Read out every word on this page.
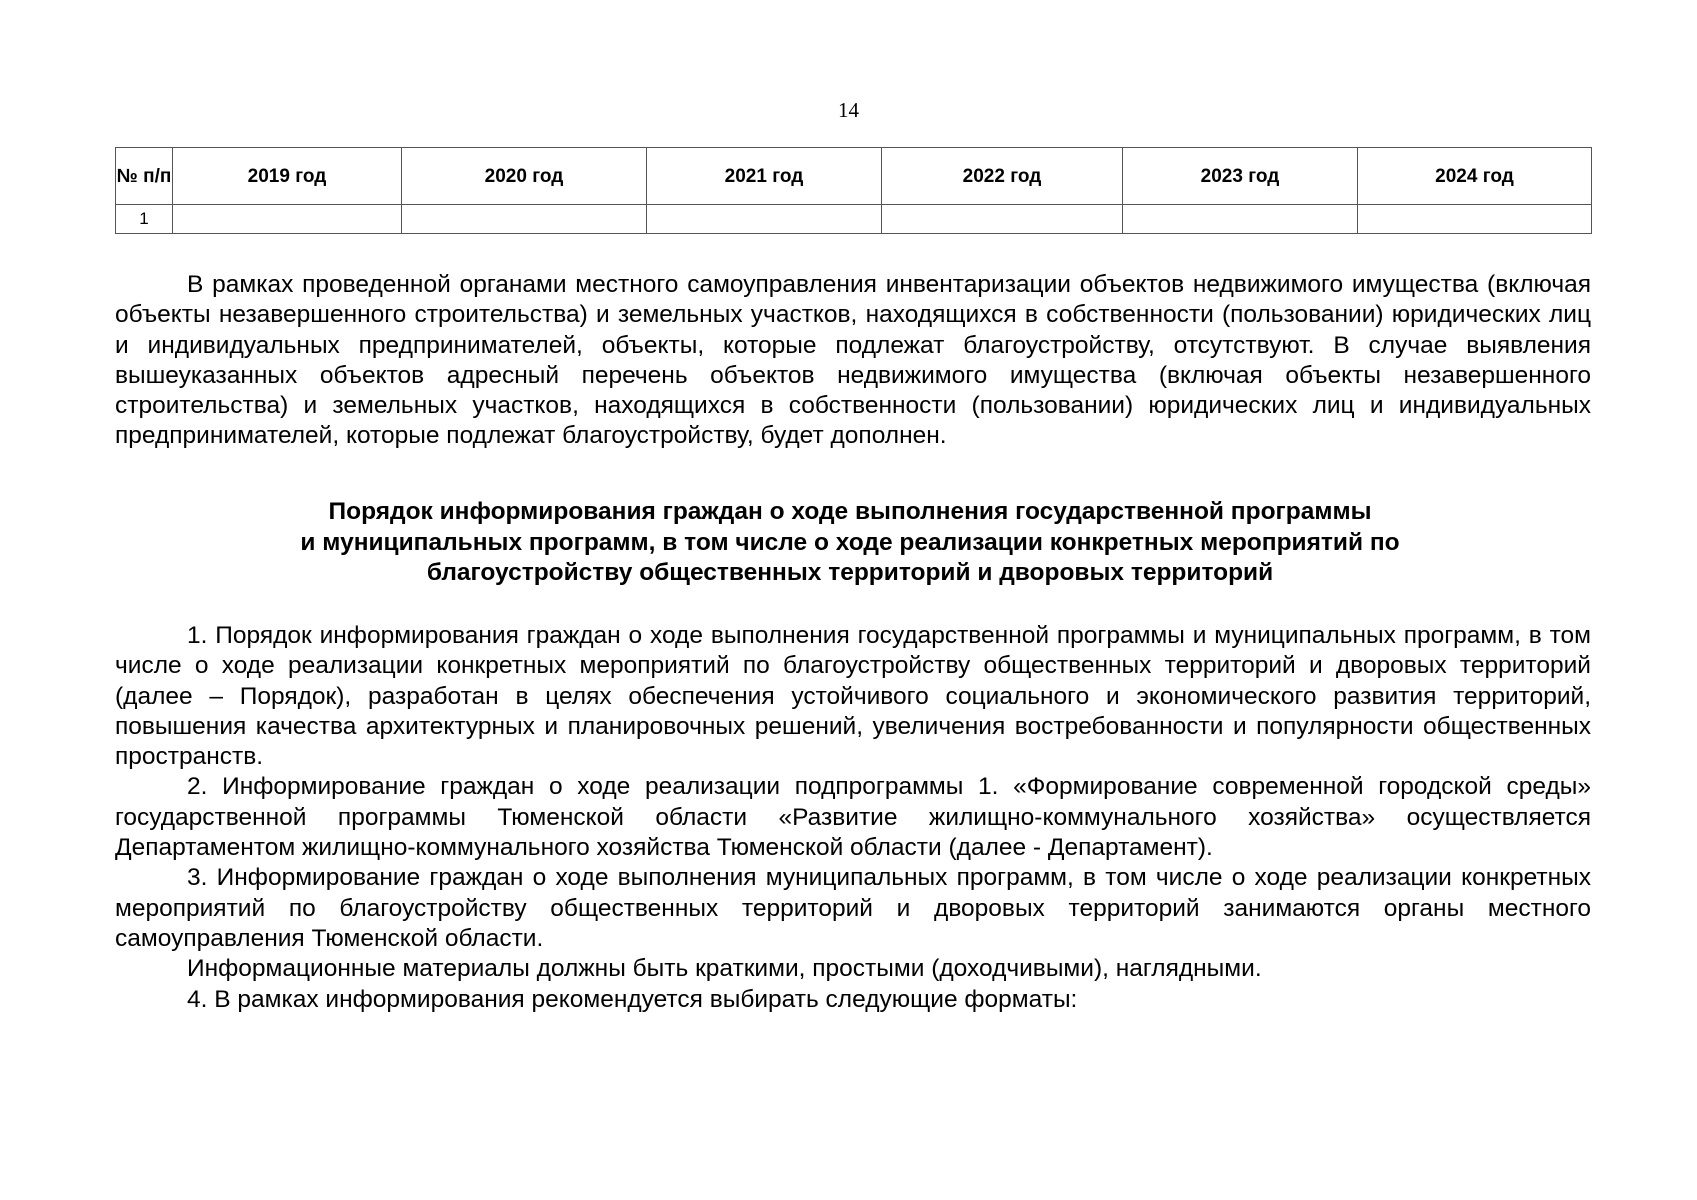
14
№ п/п	2019 год	2020 год	2021 год	2022 год	2023 год	2024 год
1						

В рамках проведенной органами местного самоуправления инвентаризации объектов недвижимого имущества (включая объекты незавершенного строительства) и земельных участков, находящихся в собственности (пользовании) юридических лиц и индивидуальных предпринимателей, объекты, которые подлежат благоустройству, отсутствуют. В случае выявления вышеуказанных объектов адресный перечень объектов недвижимого имущества (включая объекты незавершенного строительства) и земельных участков, находящихся в собственности (пользовании) юридических лиц и индивидуальных предпринимателей, которые подлежат благоустройству, будет дополнен.

Порядок информирования граждан о ходе выполнения государственной программы
и муниципальных программ, в том числе о ходе реализации конкретных мероприятий по
благоустройству общественных территорий и дворовых территорий

1. Порядок информирования граждан о ходе выполнения государственной программы и муниципальных программ, в том числе о ходе реализации конкретных мероприятий по благоустройству общественных территорий и дворовых территорий (далее – Порядок), разработан в целях обеспечения устойчивого социального и экономического развития территорий, повышения качества архитектурных и планировочных решений, увеличения востребованности и популярности общественных пространств.

2. Информирование граждан о ходе реализации подпрограммы 1. «Формирование современной городской среды» государственной программы Тюменской области «Развитие жилищно-коммунального хозяйства» осуществляется Департаментом жилищно-коммунального хозяйства Тюменской области (далее - Департамент).

3. Информирование граждан о ходе выполнения муниципальных программ, в том числе о ходе реализации конкретных мероприятий по благоустройству общественных территорий и дворовых территорий занимаются органы местного самоуправления Тюменской области.

Информационные материалы должны быть краткими, простыми (доходчивыми), наглядными.

4. В рамках информирования рекомендуется выбирать следующие форматы:
